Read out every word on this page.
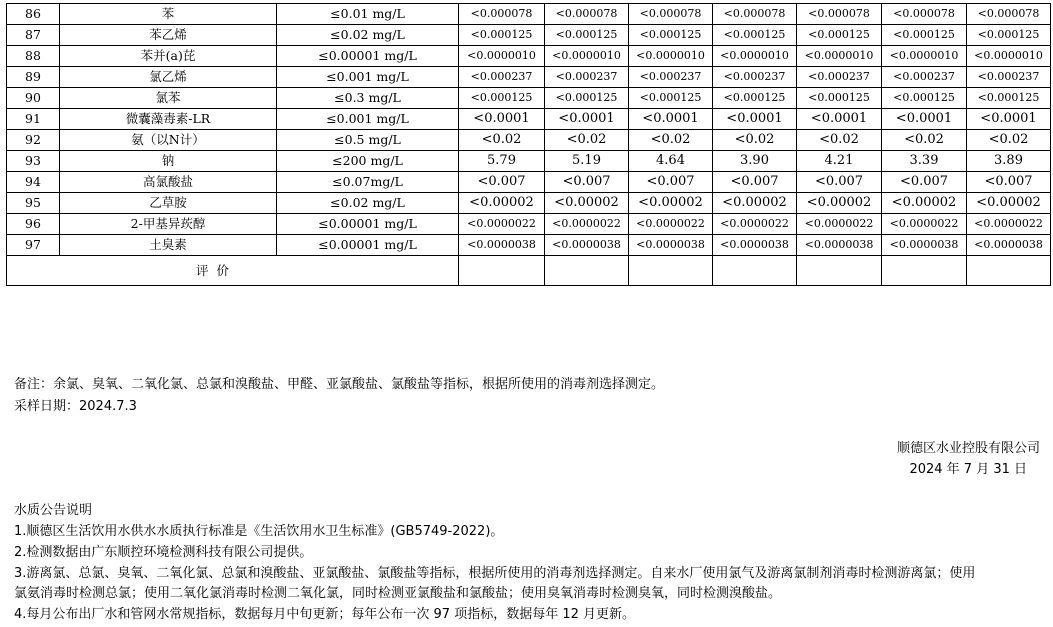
86	苯	≤0.01 mg/L	<0.000078	<0.000078	<0.000078	<0.000078	<0.000078	<0.000078	<0.000078
87	苯乙烯	≤0.02 mg/L	<0.000125	<0.000125	<0.000125	<0.000125	<0.000125	<0.000125	<0.000125
88	苯并(a)芘	≤0.00001 mg/L	<0.0000010	<0.0000010	<0.0000010	<0.0000010	<0.0000010	<0.0000010	<0.0000010
89	氯乙烯	≤0.001 mg/L	<0.000237	<0.000237	<0.000237	<0.000237	<0.000237	<0.000237	<0.000237
90	氯苯	≤0.3 mg/L	<0.000125	<0.000125	<0.000125	<0.000125	<0.000125	<0.000125	<0.000125
91	微囊藻毒素-LR	≤0.001 mg/L	<0.0001	<0.0001	<0.0001	<0.0001	<0.0001	<0.0001	<0.0001
92	氨（以N计）	≤0.5 mg/L	<0.02	<0.02	<0.02	<0.02	<0.02	<0.02	<0.02
93	钠	≤200 mg/L	5.79	5.19	4.64	3.90	4.21	3.39	3.89
94	高氯酸盐	≤0.07mg/L	<0.007	<0.007	<0.007	<0.007	<0.007	<0.007	<0.007
95	乙草胺	≤0.02 mg/L	<0.00002	<0.00002	<0.00002	<0.00002	<0.00002	<0.00002	<0.00002
96	2-甲基异莰醇	≤0.00001 mg/L	<0.0000022	<0.0000022	<0.0000022	<0.0000022	<0.0000022	<0.0000022	<0.0000022
97	土臭素	≤0.00001 mg/L	<0.0000038	<0.0000038	<0.0000038	<0.0000038	<0.0000038	<0.0000038	<0.0000038
评  价									
备注：余氯、臭氧、二氧化氯、总氯和溴酸盐、甲醛、亚氯酸盐、氯酸盐等指标，根据所使用的消毒剂选择测定。
采样日期：2024.7.3
顺德区水业控股有限公司
2024 年 7 月 31 日
水质公告说明
1.顺德区生活饮用水供水水质执行标准是《生活饮用水卫生标准》(GB5749-2022)。
2.检测数据由广东顺控环境检测科技有限公司提供。
3.游离氯、总氯、臭氧、二氧化氯、总氯和溴酸盐、亚氯酸盐、氯酸盐等指标，根据所使用的消毒剂选择测定。自来水厂使用氯气及游离氯制剂消毒时检测游离氯；使用
氯氨消毒时检测总氯；使用二氧化氯消毒时检测二氧化氯，同时检测亚氯酸盐和氯酸盐；使用臭氧消毒时检测臭氧，同时检测溴酸盐。
4.每月公布出厂水和管网水常规指标，数据每月中旬更新；每年公布一次 97 项指标，数据每年 12 月更新。
